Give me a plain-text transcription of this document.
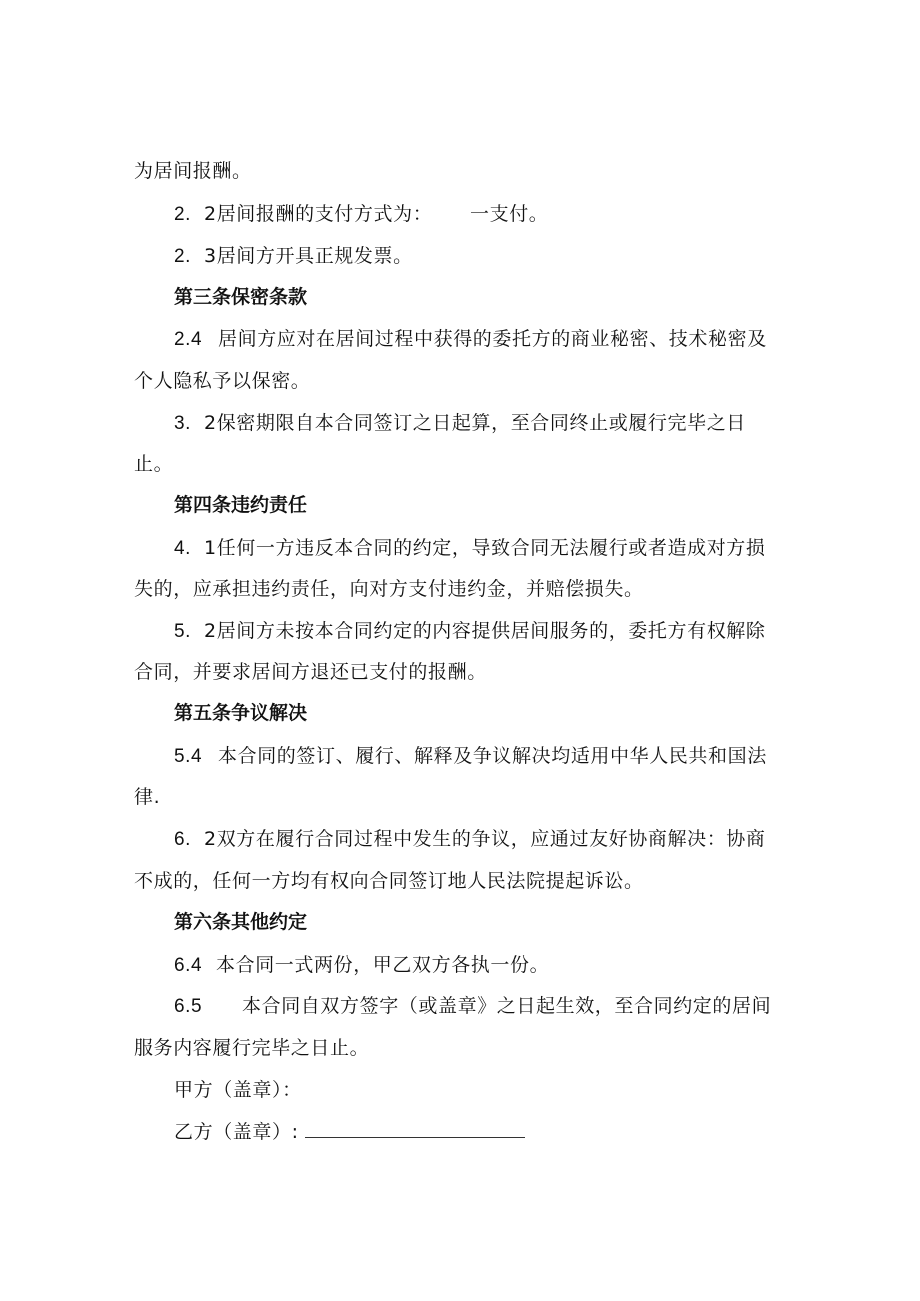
为居间报酬。
2. 2居间报酬的支付方式为： 一支付。
2. 3居间方开具正规发票。
第三条保密条款
2.4 居间方应对在居间过程中获得的委托方的商业秘密、技术秘密及
个人隐私予以保密。
3. 2保密期限自本合同签订之日起算，至合同终止或履行完毕之日
止。
第四条违约责任
4. 1任何一方违反本合同的约定，导致合同无法履行或者造成对方损
失的，应承担违约责任，向对方支付违约金，并赔偿损失。
5. 2居间方未按本合同约定的内容提供居间服务的，委托方有权解除
合同，并要求居间方退还已支付的报酬。
第五条争议解决
5.4 本合同的签订、履行、解释及争议解决均适用中华人民共和国法
律.
6. 2双方在履行合同过程中发生的争议，应通过友好协商解决：协商
不成的，任何一方均有权向合同签订地人民法院提起诉讼。
第六条其他约定
6.4 本合同一式两份，甲乙双方各执一份。
6.5 本合同自双方签字（或盖章》之日起生效，至合同约定的居间
服务内容履行完毕之日止。
甲方（盖章）：
乙方（盖章）:
